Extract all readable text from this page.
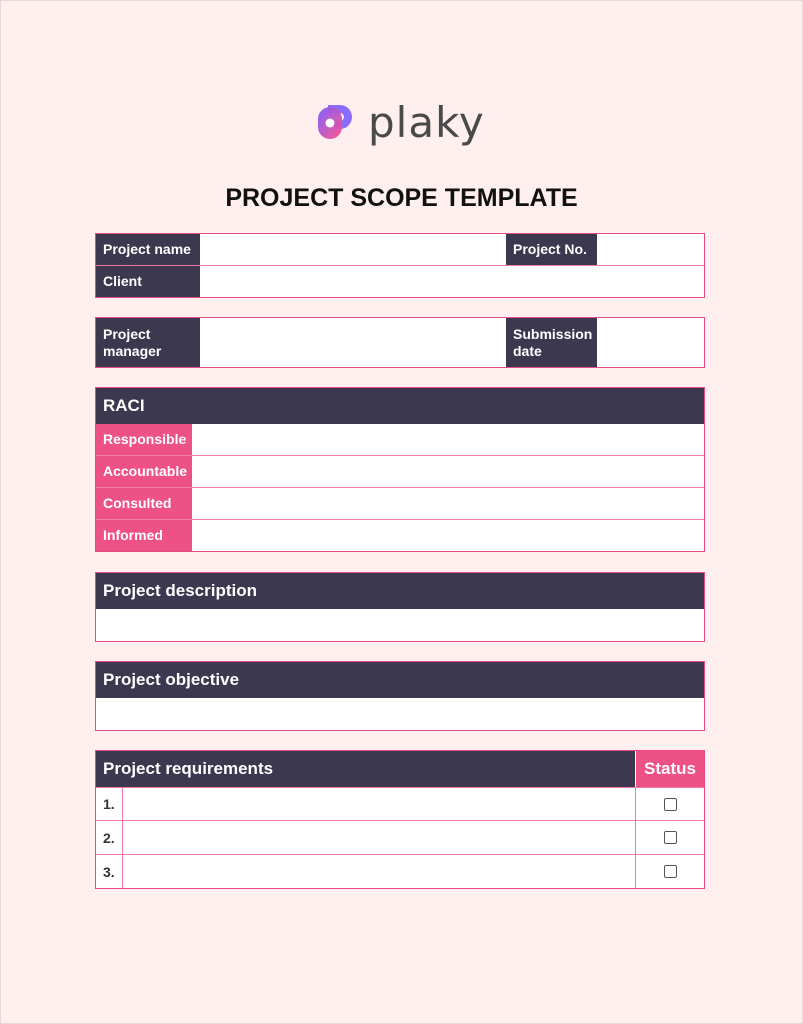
plaky
PROJECT SCOPE TEMPLATE
Project name	Project No.
Client
Project manager
Submission date
RACI
Responsible
Accountable
Consulted
Informed
Project description
Project objective
Project requirements	Status
1.
2.
3.
